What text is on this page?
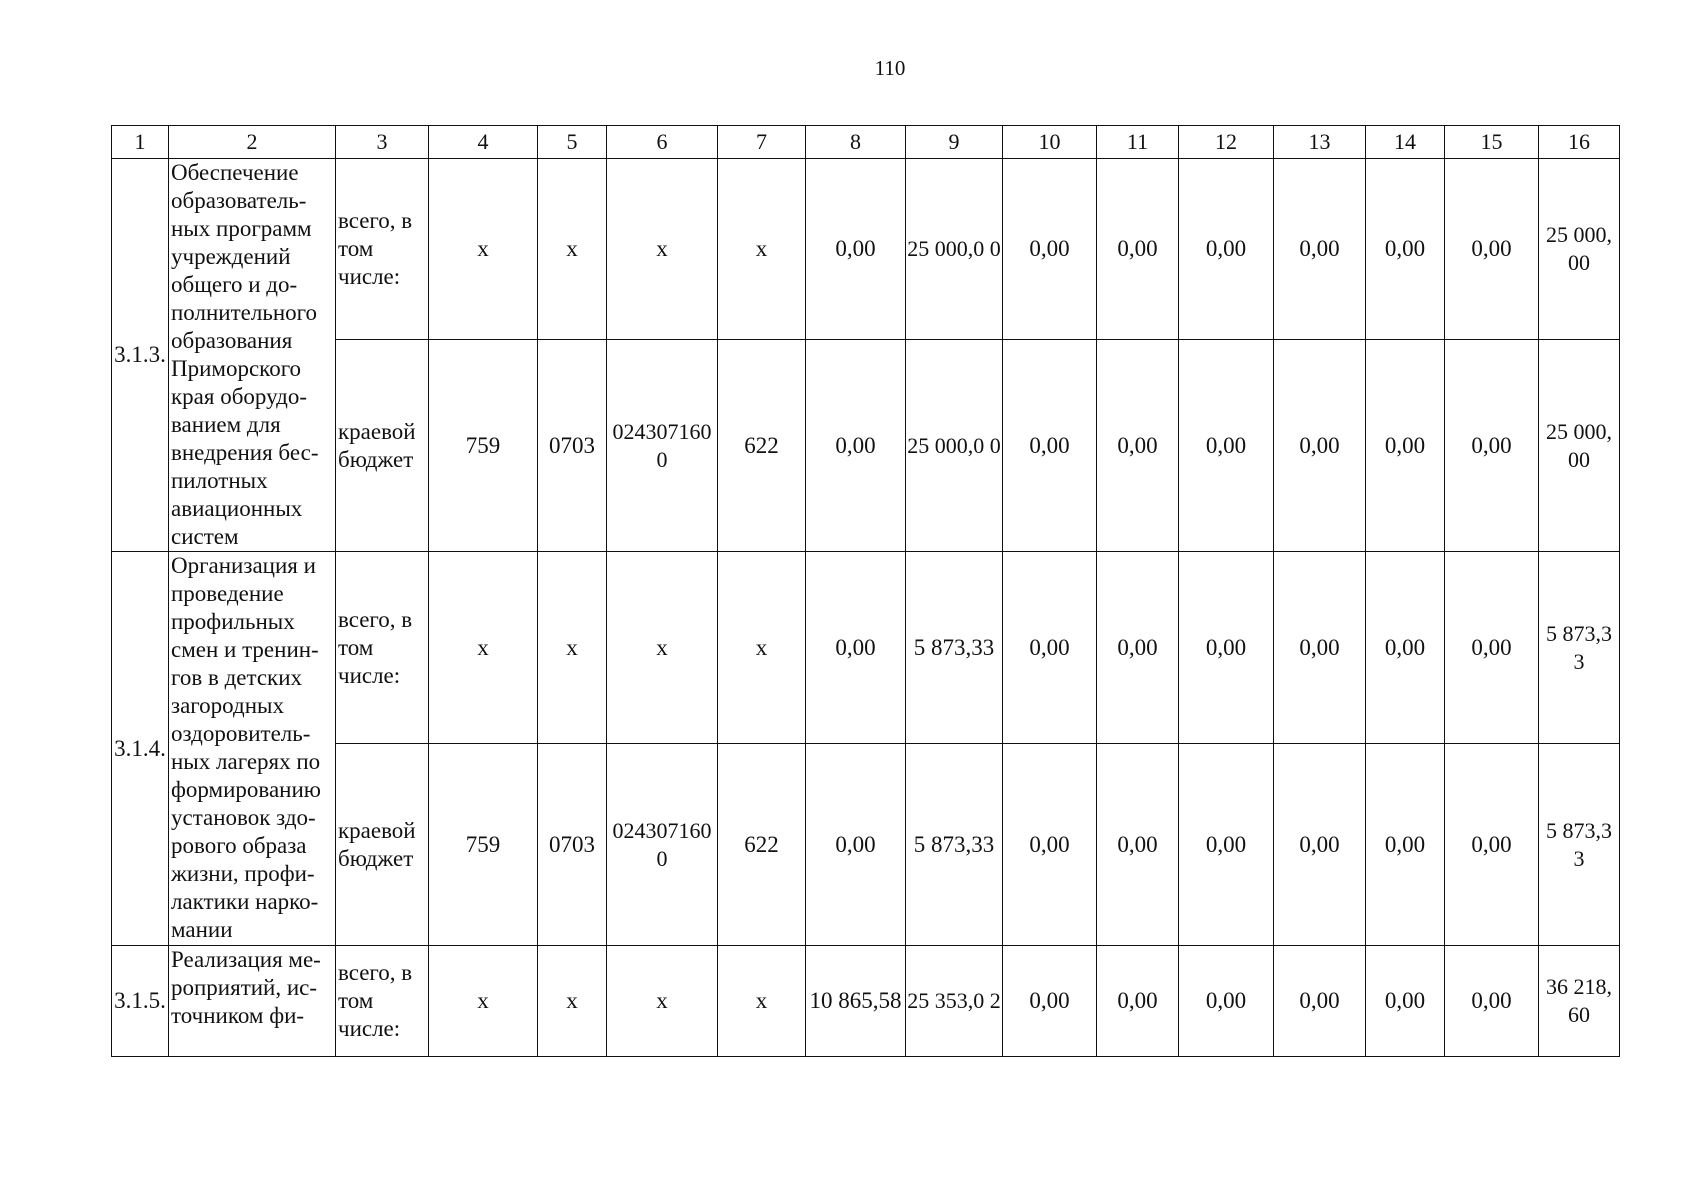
110
1	2	3	4	5	6	7	8	9	10	11	12	13	14	15	16
3.1.3.	Обеспечение образователь-ных программ учреждений общего и до-полнительного образования Приморского края оборудо-ванием для внедрения бес-пилотных авиационных систем	всего, в том числе:	х	х	х	х	0,00	25 000,0 0	0,00	0,00	0,00	0,00	0,00	0,00	25 000, 00
		краевой бюджет	759	0703	024307160 0	622	0,00	25 000,0 0	0,00	0,00	0,00	0,00	0,00	0,00	25 000, 00
3.1.4.	Организация и проведение профильных смен и тренин-гов в детских загородных оздоровитель-ных лагерях по формированию установок здо-рового образа жизни, профи-лактики нарко-мании	всего, в том числе:	х	х	х	х	0,00	5 873,33	0,00	0,00	0,00	0,00	0,00	0,00	5 873,3 3
		краевой бюджет	759	0703	024307160 0	622	0,00	5 873,33	0,00	0,00	0,00	0,00	0,00	0,00	5 873,3 3
3.1.5.	Реализация ме-роприятий, ис-точником фи-	всего, в том числе:	х	х	х	х	10 865,58	25 353,0 2	0,00	0,00	0,00	0,00	0,00	0,00	36 218, 60
